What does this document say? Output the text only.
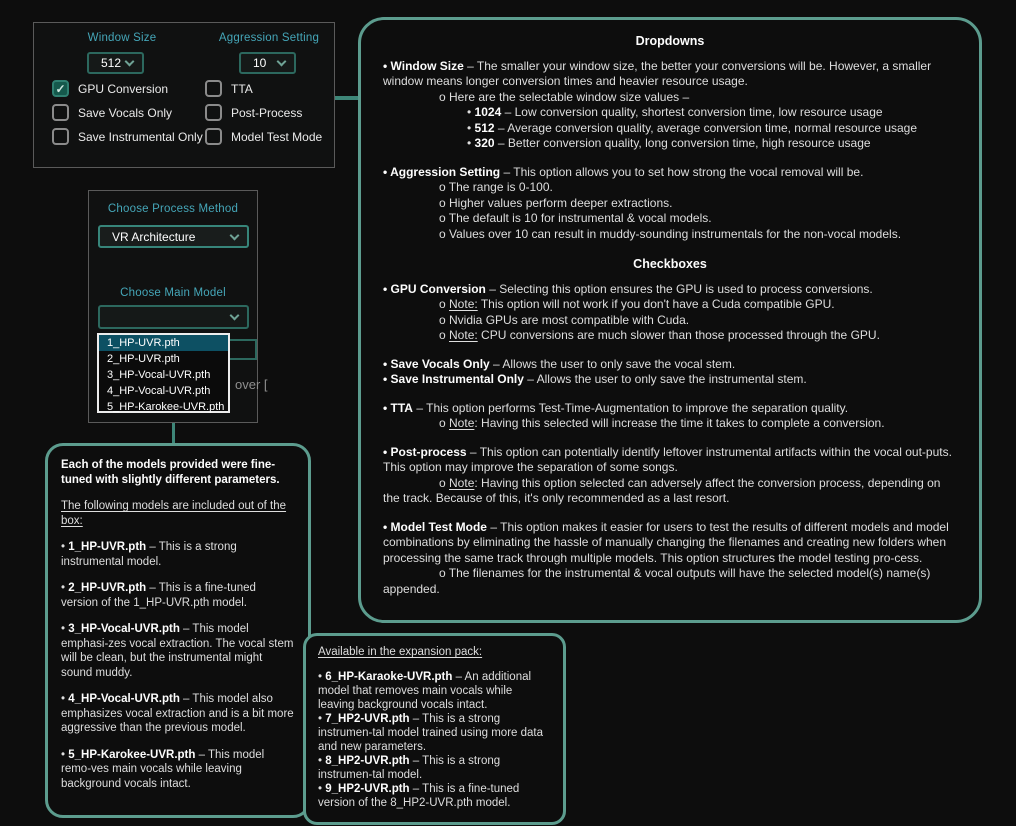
Window Size	Aggression Setting
512	10
✓ GPU Conversion
Save Vocals Only
Save Instrumental Only
TTA
Post-Process
Model Test Mode
Choose Process Method
VR Architecture
Choose Main Model
over [
1_HP-UVR.pth
2_HP-UVR.pth
3_HP-Vocal-UVR.pth
4_HP-Vocal-UVR.pth
5_HP-Karokee-UVR.pth

Dropdowns

• Window Size – The smaller your window size, the better your conversions will be. However, a smaller window means longer conversion times and heavier resource usage.

o Here are the selectable window size values –

• 1024 – Low conversion quality, shortest conversion time, low resource usage

• 512 – Average conversion quality, average conversion time, normal resource usage

• 320 – Better conversion quality, long conversion time, high resource usage

• Aggression Setting – This option allows you to set how strong the vocal removal will be.

o The range is 0-100.

o Higher values perform deeper extractions.

o The default is 10 for instrumental & vocal models.

o Values over 10 can result in muddy-sounding instrumentals for the non-vocal models.

Checkboxes

• GPU Conversion – Selecting this option ensures the GPU is used to process conversions.

o Note: This option will not work if you don't have a Cuda compatible GPU.

o Nvidia GPUs are most compatible with Cuda.

o Note: CPU conversions are much slower than those processed through the GPU.

• Save Vocals Only – Allows the user to only save the vocal stem.

• Save Instrumental Only – Allows the user to only save the instrumental stem.

• TTA – This option performs Test-Time-Augmentation to improve the separation quality.

o Note: Having this selected will increase the time it takes to complete a conversion.

• Post-process – This option can potentially identify leftover instrumental artifacts within the vocal out-puts. This option may improve the separation of some songs.

o Note: Having this option selected can adversely affect the conversion process, depending on the track. Because of this, it's only recommended as a last resort.

• Model Test Mode – This option makes it easier for users to test the results of different models and model combinations by eliminating the hassle of manually changing the filenames and creating new folders when processing the same track through multiple models. This option structures the model testing pro-cess.

o The filenames for the instrumental & vocal outputs will have the selected model(s) name(s) appended.

Each of the models provided were fine-tuned with slightly different parameters.

The following models are included out of the box:

• 1_HP-UVR.pth – This is a strong instrumental model.

• 2_HP-UVR.pth – This is a fine-tuned version of the 1_HP-UVR.pth model.

• 3_HP-Vocal-UVR.pth – This model emphasi-zes vocal extraction. The vocal stem will be clean, but the instrumental might sound muddy.

• 4_HP-Vocal-UVR.pth – This model also emphasizes vocal extraction and is a bit more aggressive than the previous model.

• 5_HP-Karokee-UVR.pth – This model remo-ves main vocals while leaving background vocals intact.

Available in the expansion pack:

• 6_HP-Karaoke-UVR.pth – An additional model that removes main vocals while leaving background vocals intact.

• 7_HP2-UVR.pth – This is a strong instrumen-tal model trained using more data and new parameters.

• 8_HP2-UVR.pth – This is a strong instrumen-tal model.

• 9_HP2-UVR.pth – This is a fine-tuned version of the 8_HP2-UVR.pth model.
